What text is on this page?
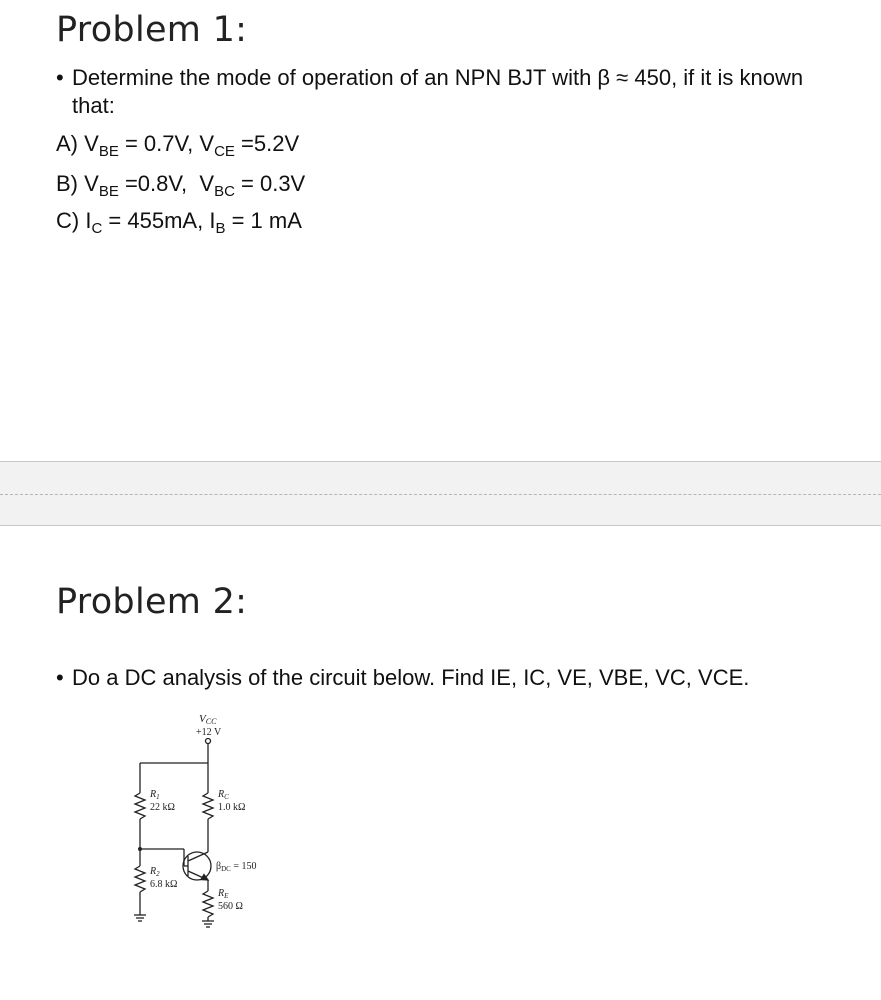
Problem 1:
• Determine the mode of operation of an NPN BJT with β ≈ 450, if it is known that:
A) $V_{BE} = 0.7V$, $V_{CE} =5.2V$
B) $V_{BE} =0.8V$,  $V_{BC} = 0.3V$
C) $I_C = 455mA$, $I_B = 1$ mA
Problem 2:
• Do a DC analysis of the circuit below. Find IE, IC, VE, VBE, VC, VCE.
VCC
+12 V
$R_1$
22 kΩ
$R_2$
6.8 kΩ
$R_C$
1.0 kΩ
$\beta_{DC} = 150$
$R_E$
560 Ω
